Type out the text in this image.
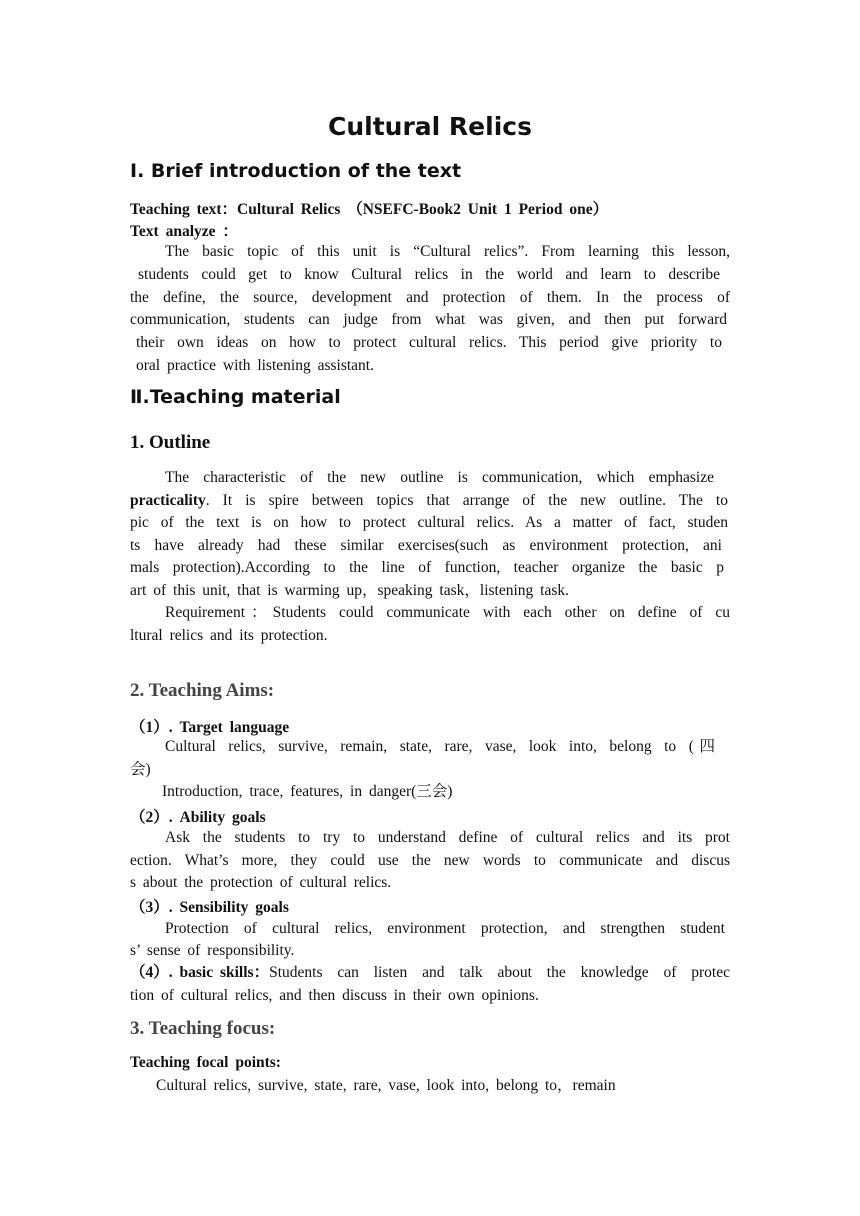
Cultural Relics
Ⅰ. Brief introduction of the text
Teaching text：Cultural Relics （NSEFC-Book2 Unit 1 Period one）
Text analyze ：
The basic topic of this unit is “Cultural relics”. From learning this lesson,
students could get to know Cultural relics in the world and learn to describe
the define, the source, development and protection of them. In the process of
communication, students can judge from what was given, and then put forward
their own ideas on how to protect cultural relics. This period give priority to
oral practice with listening assistant.
Ⅱ.Teaching material
1. Outline
The characteristic of the new outline is communication, which emphasize
practicality . It is spire between topics that arrange of the new outline. The to
pic of the text is on how to protect cultural relics. As a matter of fact, studen
ts have already had these similar exercises(such as environment protection, ani
mals protection).According to the line of function, teacher organize the basic p
art of this unit, that is warming up，speaking task，listening task.
Requirement：Students could communicate with each other on define of cu
ltural relics and its protection.
2. Teaching Aims:
（1）. Target language
Cultural relics, survive, remain, state, rare, vase, look into, belong to (四
会)
Introduction, trace, features, in danger(三会)
（2）. Ability goals
Ask the students to try to understand define of cultural relics and its prot
ection. What’s more, they could use the new words to communicate and discus
s about the protection of cultural relics.
（3）. Sensibility goals
Protection of cultural relics, environment protection, and strengthen student
s’ sense of responsibility.
（4）. basic skills： Students can listen and talk about the knowledge of protec
tion of cultural relics, and then discuss in their own opinions.
3. Teaching focus:
Teaching focal points:
Cultural relics, survive, state, rare, vase, look into, belong to，remain
